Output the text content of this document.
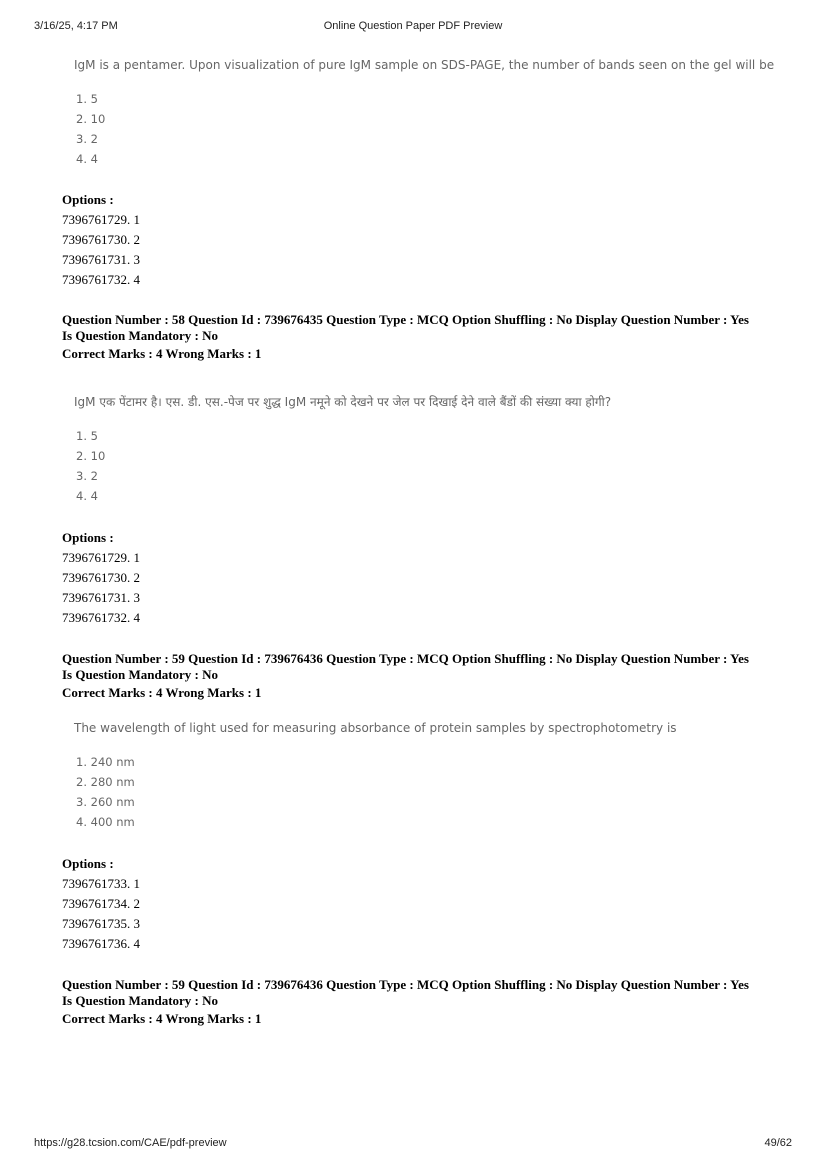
3/16/25, 4:17 PM	Online Question Paper PDF Preview
IgM is a pentamer. Upon visualization of pure IgM sample on SDS-PAGE, the number of bands seen on the gel will be
1. 5
2. 10
3. 2
4. 4
Options :
7396761729. 1
7396761730. 2
7396761731. 3
7396761732. 4
Question Number : 58 Question Id : 739676435 Question Type : MCQ Option Shuffling : No Display Question Number : Yes
Is Question Mandatory : No
Correct Marks : 4 Wrong Marks : 1
IgM एक पेंटामर है। एस. डी. एस.-पेज पर शुद्ध IgM नमूने को देखने पर जेल पर दिखाई देने वाले बैंडों की संख्या क्या होगी?
1. 5
2. 10
3. 2
4. 4
Options :
7396761729. 1
7396761730. 2
7396761731. 3
7396761732. 4
Question Number : 59 Question Id : 739676436 Question Type : MCQ Option Shuffling : No Display Question Number : Yes
Is Question Mandatory : No
Correct Marks : 4 Wrong Marks : 1
The wavelength of light used for measuring absorbance of protein samples by spectrophotometry is
1. 240 nm
2. 280 nm
3. 260 nm
4. 400 nm
Options :
7396761733. 1
7396761734. 2
7396761735. 3
7396761736. 4
Question Number : 59 Question Id : 739676436 Question Type : MCQ Option Shuffling : No Display Question Number : Yes
Is Question Mandatory : No
Correct Marks : 4 Wrong Marks : 1
https://g28.tcsion.com/CAE/pdf-preview	49/62
